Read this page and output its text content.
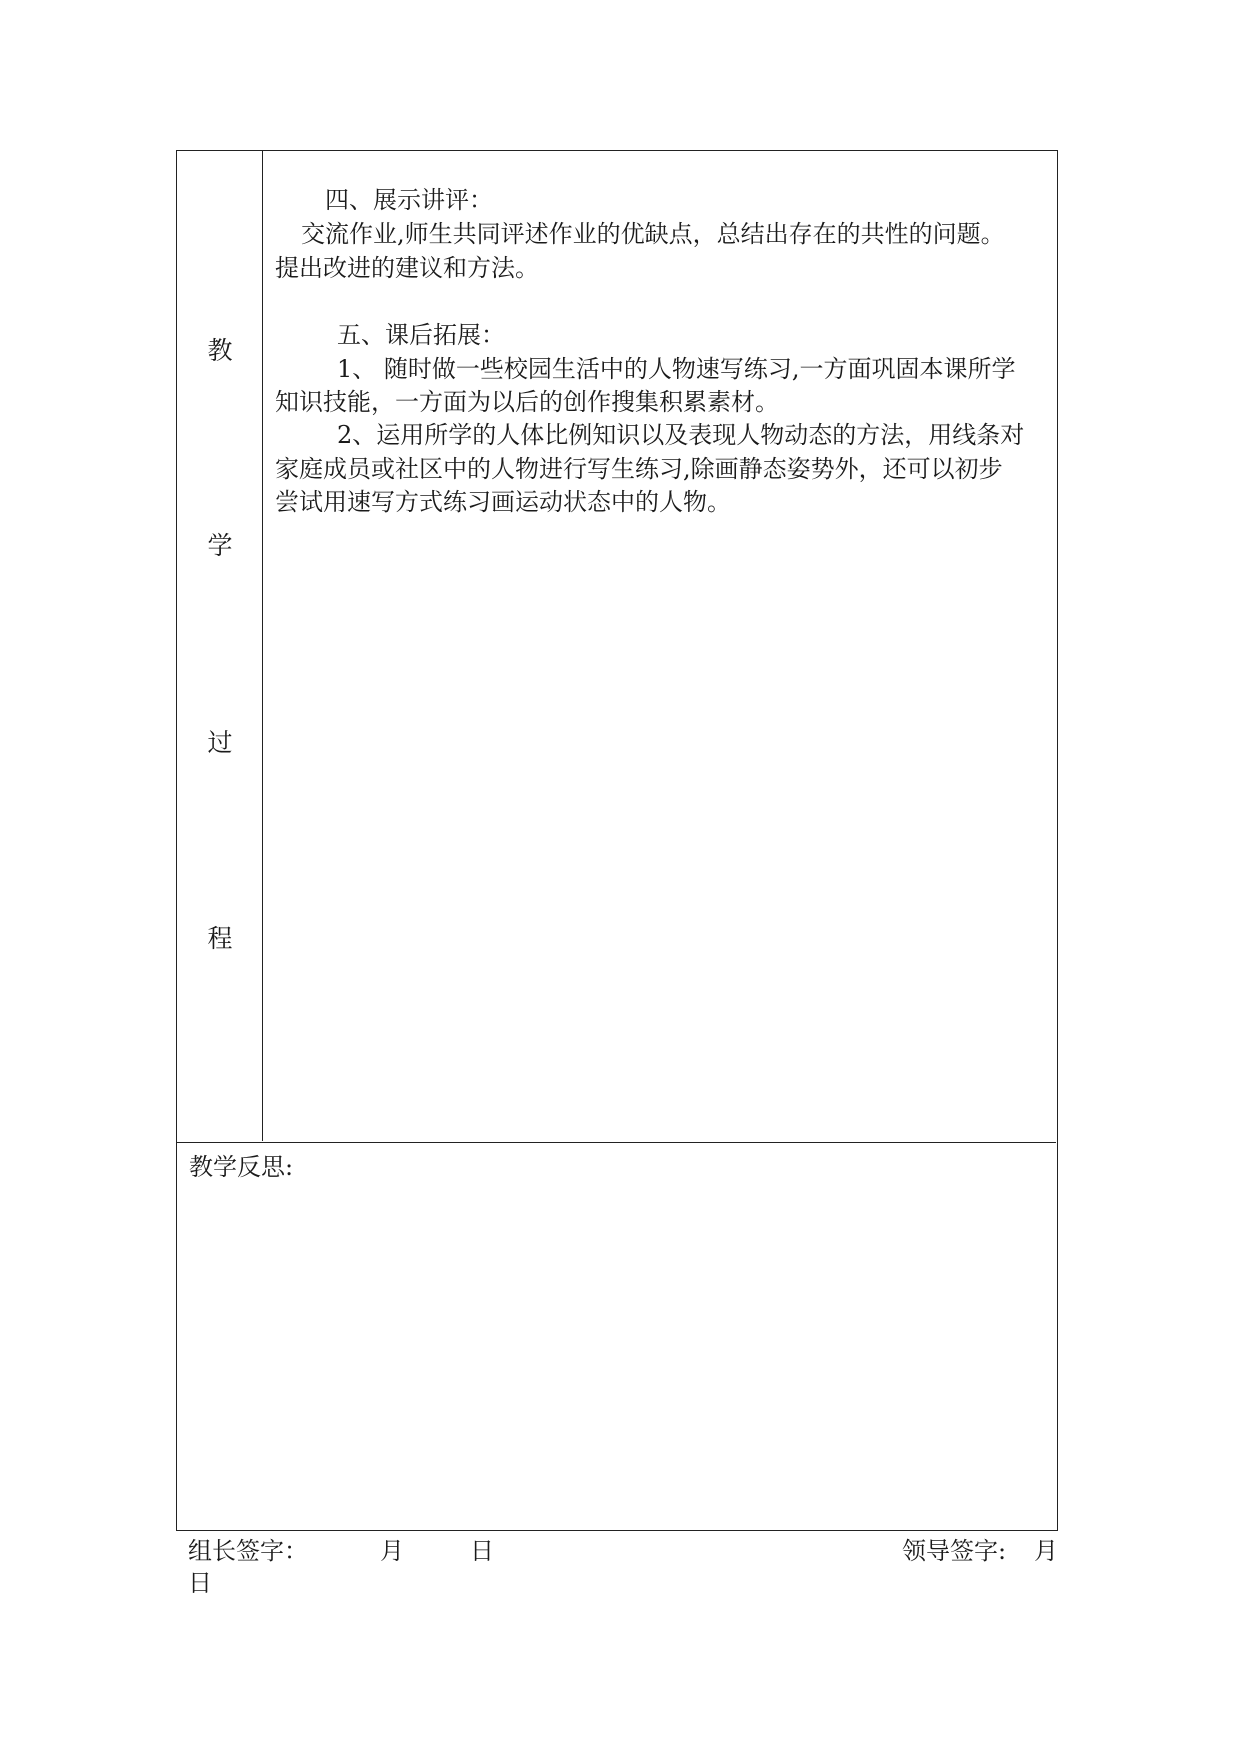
教
学
过
程
四、展示讲评：
交流作业,师生共同评述作业的优缺点，总结出存在的共性的问题。
提出改进的建议和方法。
五、课后拓展：
1、 随时做一些校园生活中的人物速写练习,一方面巩固本课所学
知识技能，一方面为以后的创作搜集积累素材。
2、运用所学的人体比例知识以及表现人物动态的方法，用线条对
家庭成员或社区中的人物进行写生练习,除画静态姿势外，还可以初步
尝试用速写方式练习画运动状态中的人物。
教学反思:
组长签字：	月	日	领导签字: 月
日
